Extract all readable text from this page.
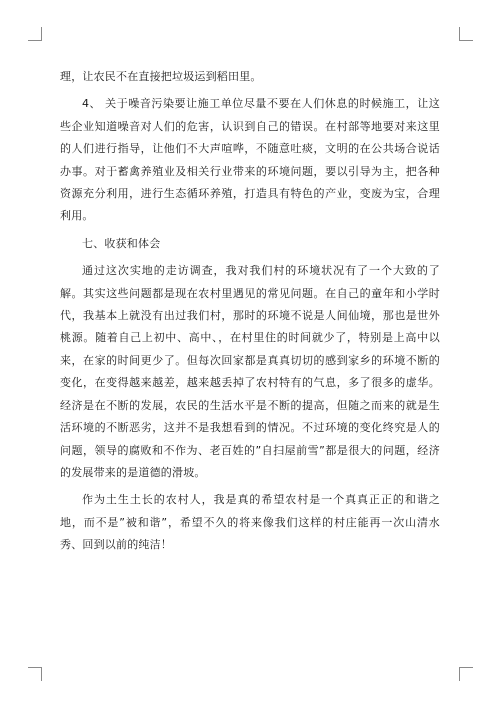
理，让农民不在直接把垃圾运到稻田里。

4、 关于噪音污染要让施工单位尽量不要在人们休息的时候施工，让这些企业知道噪音对人们的危害，认识到自己的错误。在村部等地要对来这里的人们进行指导，让他们不大声喧哗，不随意吐痰，文明的在公共场合说话办事。对于蓄禽养殖业及相关行业带来的环境问题，要以引导为主，把各种资源充分利用，进行生态循环养殖，打造具有特色的产业，变废为宝，合理利用。

七、收获和体会

通过这次实地的走访调查，我对我们村的环境状况有了一个大致的了解。其实这些问题都是现在农村里遇见的常见问题。在自己的童年和小学时代，我基本上就没有出过我们村，那时的环境不说是人间仙境，那也是世外桃源。随着自己上初中、高中、，在村里住的时间就少了，特别是上高中以来，在家的时间更少了。但每次回家都是真真切切的感到家乡的环境不断的变化，在变得越来越差，越来越丢掉了农村特有的气息，多了很多的虚华。经济是在不断的发展，农民的生活水平是不断的提高，但随之而来的就是生活环境的不断恶劣，这并不是我想看到的情况。不过环境的变化终究是人的问题，领导的腐败和不作为、老百姓的”自扫屋前雪”都是很大的问题，经济的发展带来的是道德的滑坡。

作为土生土长的农村人，我是真的希望农村是一个真真正正的和谐之地，而不是”被和谐”，希望不久的将来像我们这样的村庄能再一次山清水秀、回到以前的纯洁！
